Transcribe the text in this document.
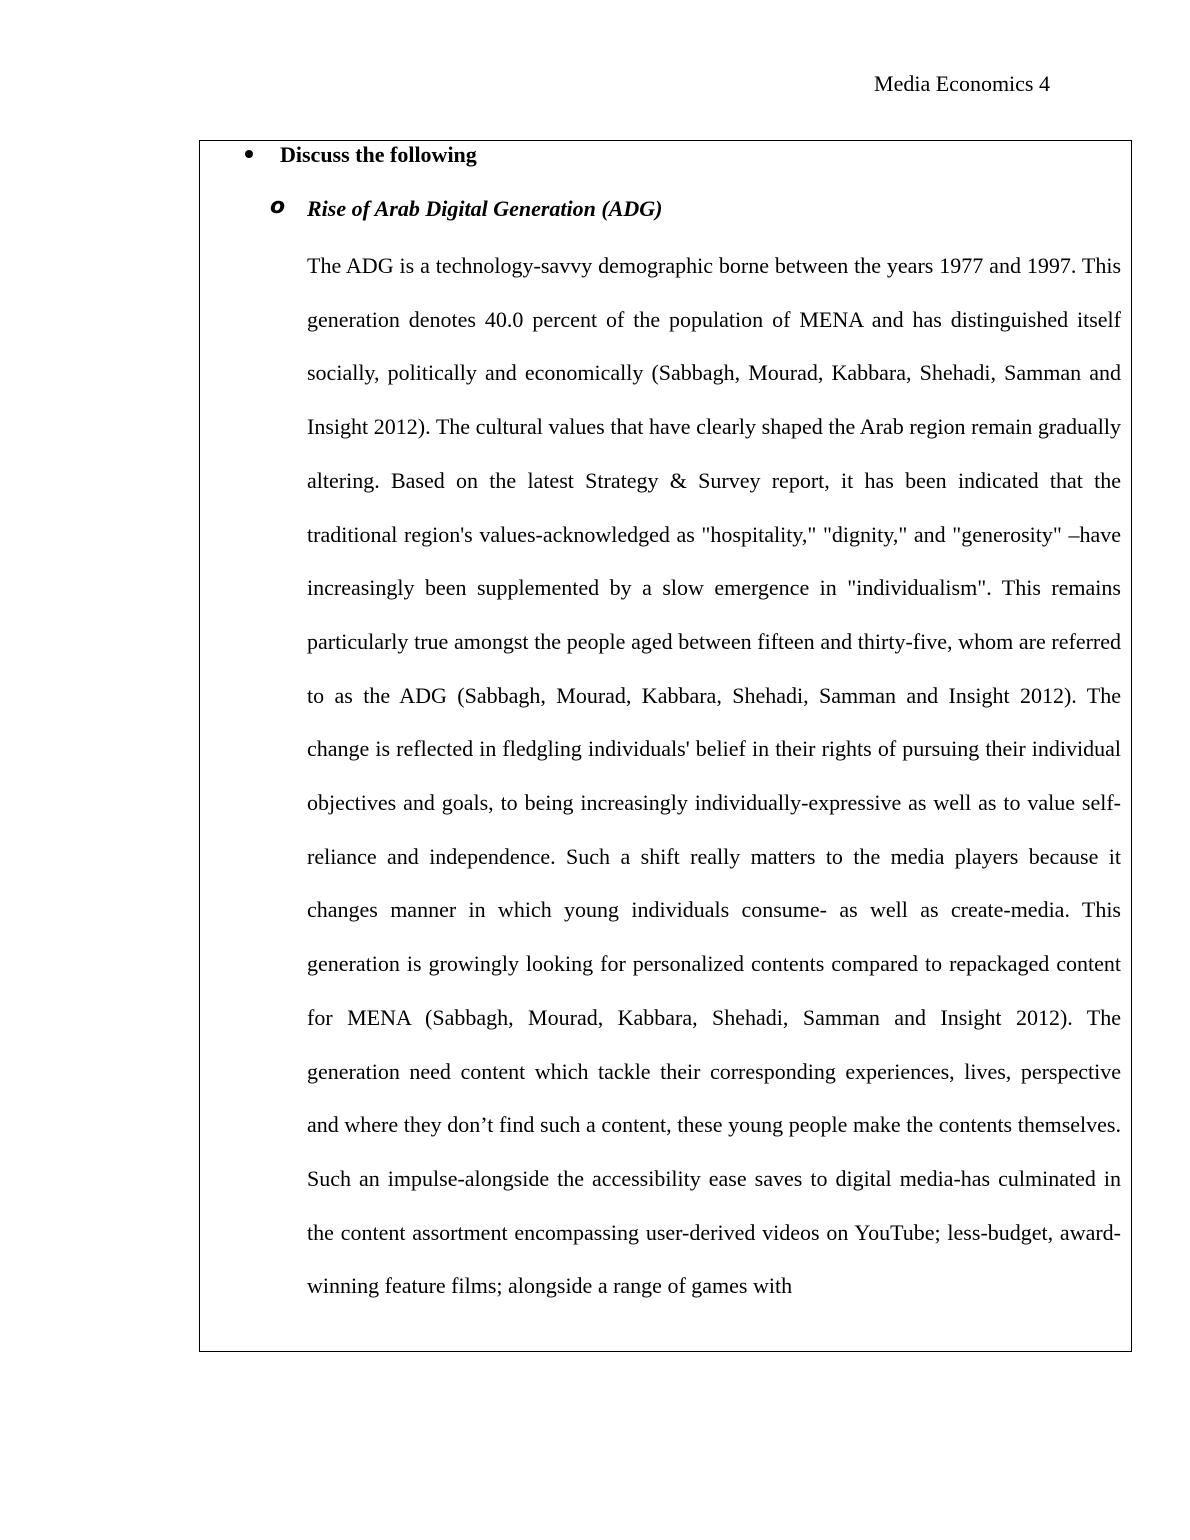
Media Economics 4
Discuss the following
o Rise of Arab Digital Generation (ADG)

The ADG is a technology-savvy demographic borne between the years 1977 and 1997. This generation denotes 40.0 percent of the population of MENA and has distinguished itself socially, politically and economically (Sabbagh, Mourad, Kabbara, Shehadi, Samman and Insight 2012). The cultural values that have clearly shaped the Arab region remain gradually altering. Based on the latest Strategy & Survey report, it has been indicated that the traditional region's values-acknowledged as "hospitality," "dignity," and "generosity" –have increasingly been supplemented by a slow emergence in "individualism". This remains particularly true amongst the people aged between fifteen and thirty-five, whom are referred to as the ADG (Sabbagh, Mourad, Kabbara, Shehadi, Samman and Insight 2012). The change is reflected in fledgling individuals' belief in their rights of pursuing their individual objectives and goals, to being increasingly individually-expressive as well as to value self-reliance and independence. Such a shift really matters to the media players because it changes manner in which young individuals consume- as well as create-media. This generation is growingly looking for personalized contents compared to repackaged content for MENA (Sabbagh, Mourad, Kabbara, Shehadi, Samman and Insight 2012). The generation need content which tackle their corresponding experiences, lives, perspective and where they don’t find such a content, these young people make the contents themselves. Such an impulse-alongside the accessibility ease saves to digital media-has culminated in the content assortment encompassing user-derived videos on YouTube; less-budget, award-winning feature films; alongside a range of games with
